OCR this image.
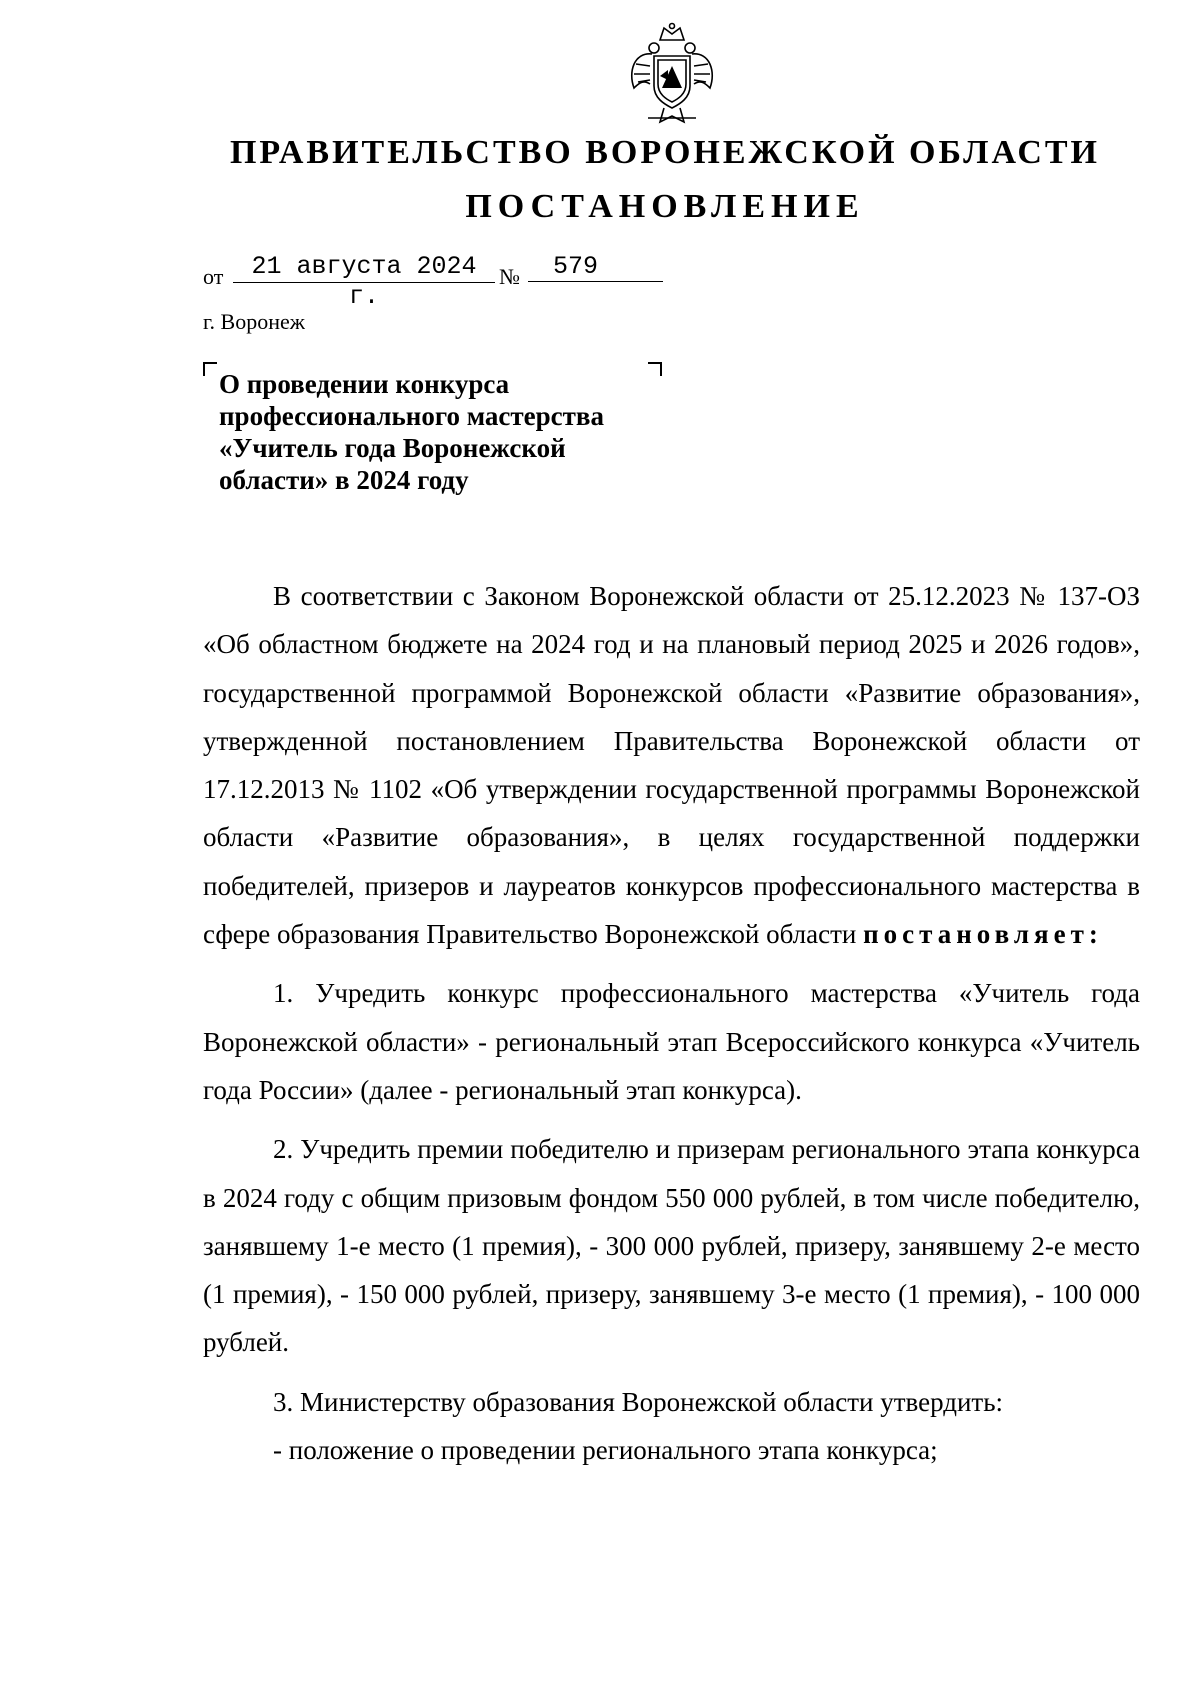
ПРАВИТЕЛЬСТВО ВОРОНЕЖСКОЙ ОБЛАСТИ
ПОСТАНОВЛЕНИЕ
от	21 августа 2024 г.
№	579
г. Воронеж
О проведении конкурса
профессионального мастерства
«Учитель года Воронежской
области» в 2024 году

В соответствии с Законом Воронежской области от 25.12.2023 № 137-ОЗ «Об областном бюджете на 2024 год и на плановый период 2025 и 2026 годов», государственной программой Воронежской области «Развитие образования», утвержденной постановлением Правительства Воронежской области от 17.12.2013 № 1102 «Об утверждении государственной программы Воронежской области «Развитие образования», в целях государственной поддержки победителей, призеров и лауреатов конкурсов профессионального мастерства в сфере образования Правительство Воронежской области постановляет:

1. Учредить конкурс профессионального мастерства «Учитель года Воронежской области» - региональный этап Всероссийского конкурса «Учитель года России» (далее - региональный этап конкурса).

2. Учредить премии победителю и призерам регионального этапа конкурса в 2024 году с общим призовым фондом 550 000 рублей, в том числе победителю, занявшему 1-е место (1 премия), - 300 000 рублей, призеру, занявшему 2-е место (1 премия), - 150 000 рублей, призеру, занявшему 3-е место (1 премия), - 100 000 рублей.

3. Министерству образования Воронежской области утвердить:

- положение о проведении регионального этапа конкурса;
